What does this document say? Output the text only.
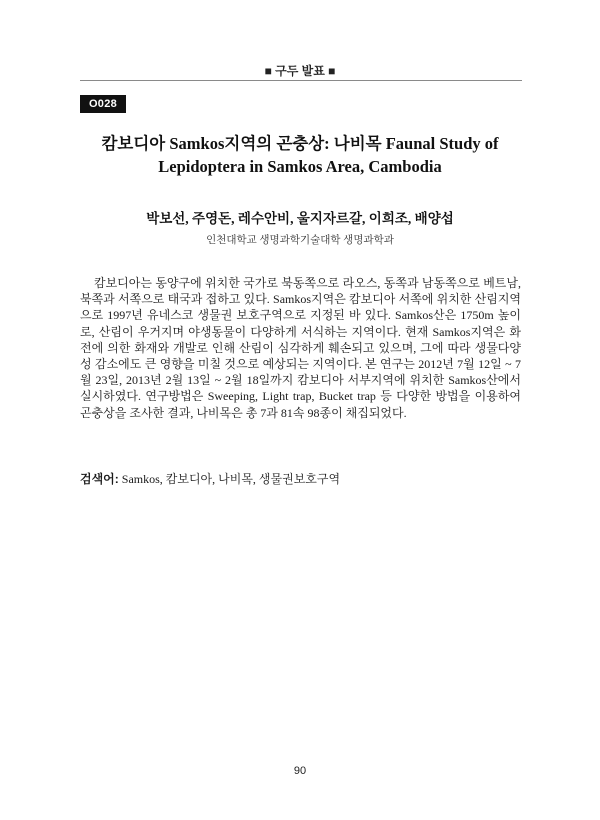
■ 구두 발표 ■
O028
캄보디아 Samkos지역의 곤충상: 나비목 Faunal Study of
Lepidoptera in Samkos Area, Cambodia
박보선, 주영돈, 레수안비, 울지자르갈, 이희조, 배양섭
인천대학교 생명과학기술대학 생명과학과

캄보디아는 동양구에 위치한 국가로 북동쪽으로 라오스, 동쪽과 남동쪽으로 베트남, 북쪽과 서쪽으로 태국과 접하고 있다. Samkos지역은 캄보디아 서쪽에 위치한 산림지역으로 1997년 유네스코 생물권 보호구역으로 지정된 바 있다. Samkos산은 1750m 높이로, 산림이 우거지며 야생동물이 다양하게 서식하는 지역이다. 현재 Samkos지역은 화전에 의한 화재와 개발로 인해 산림이 심각하게 훼손되고 있으며, 그에 따라 생물다양성 감소에도 큰 영향을 미칠 것으로 예상되는 지역이다. 본 연구는 2012년 7월 12일 ~ 7월 23일, 2013년 2월 13일 ~ 2월 18일까지 캄보디아 서부지역에 위치한 Samkos산에서 실시하였다. 연구방법은 Sweeping, Light trap, Bucket trap 등 다양한 방법을 이용하여 곤충상을 조사한 결과, 나비목은 총 7과 81속 98종이 채집되었다.

검색어: Samkos, 캄보디아, 나비목, 생물권보호구역
90
